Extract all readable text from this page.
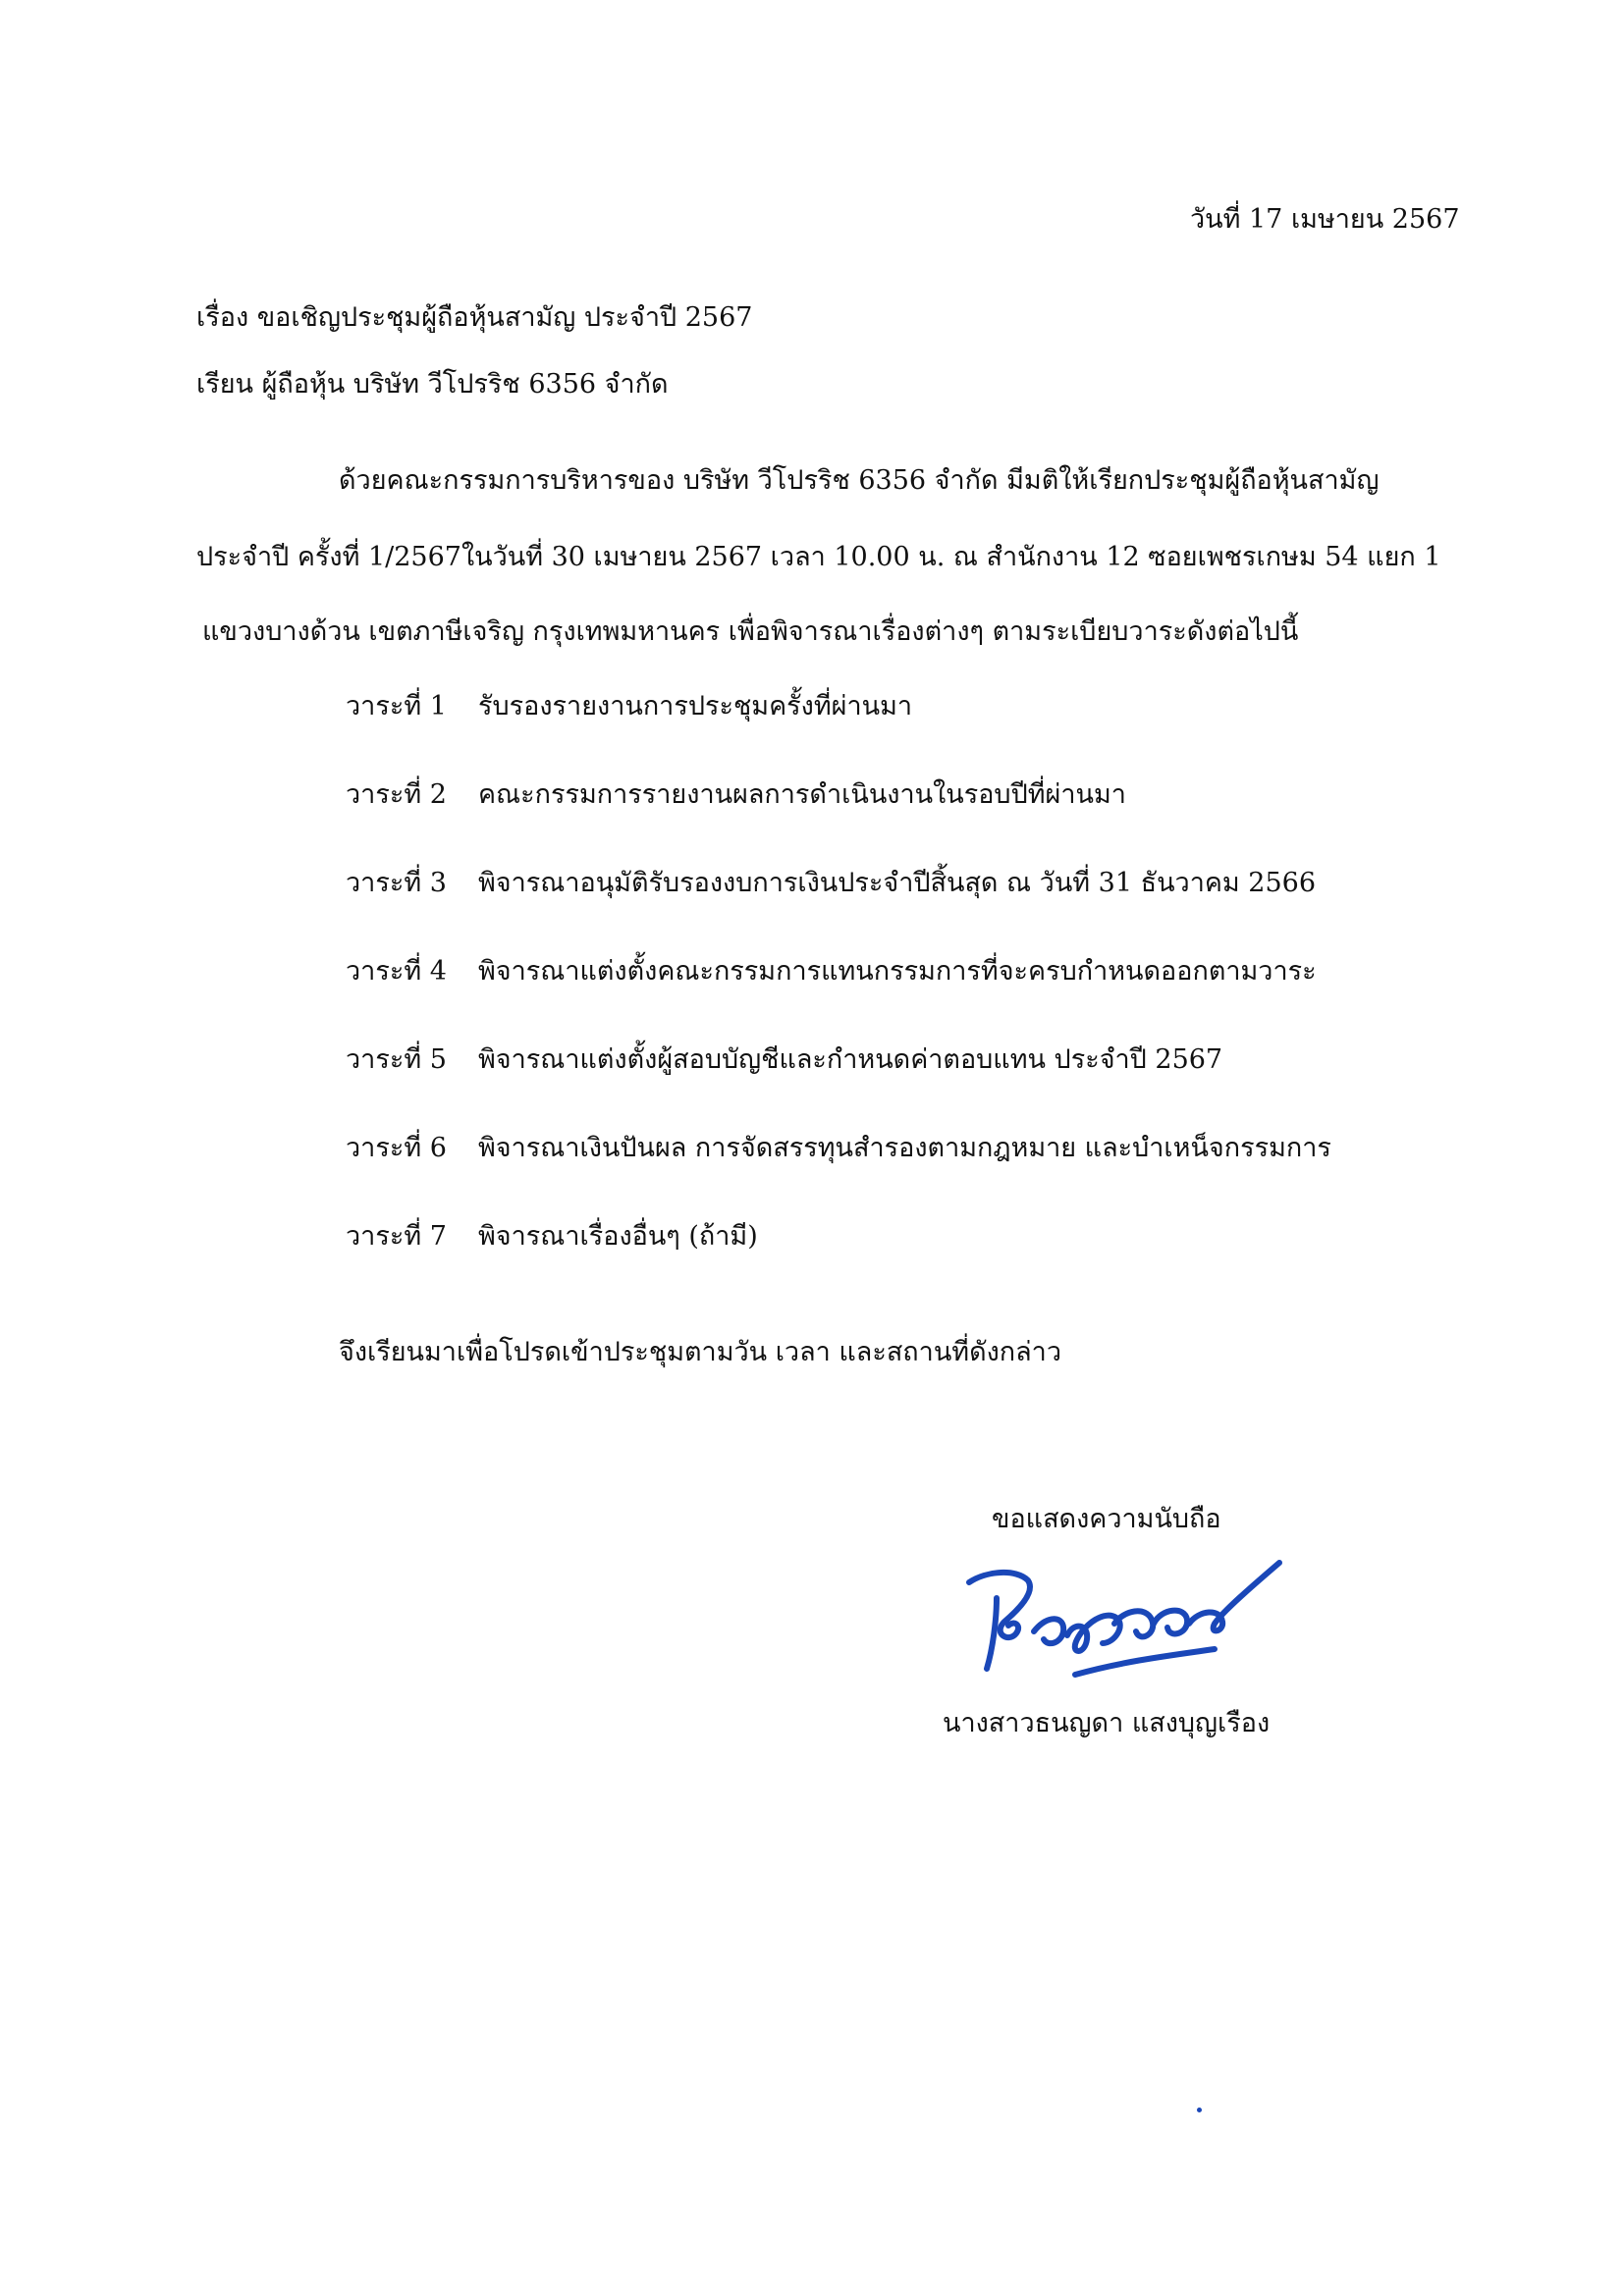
วันที่ 17 เมษายน 2567
เรื่อง ขอเชิญประชุมผู้ถือหุ้นสามัญ ประจำปี 2567
เรียน ผู้ถือหุ้น บริษัท วีโปรริช 6356 จำกัด
ด้วยคณะกรรมการบริหารของ บริษัท วีโปรริช 6356 จำกัด มีมติให้เรียกประชุมผู้ถือหุ้นสามัญ
ประจำปี ครั้งที่ 1/2567ในวันที่ 30 เมษายน 2567 เวลา 10.00 น. ณ สำนักงาน 12 ซอยเพชรเกษม 54 แยก 1
แขวงบางด้วน เขตภาษีเจริญ กรุงเทพมหานคร เพื่อพิจารณาเรื่องต่างๆ ตามระเบียบวาระดังต่อไปนี้
วาระที่ 1	รับรองรายงานการประชุมครั้งที่ผ่านมา
วาระที่ 2	คณะกรรมการรายงานผลการดำเนินงานในรอบปีที่ผ่านมา
วาระที่ 3	พิจารณาอนุมัติรับรองงบการเงินประจำปีสิ้นสุด ณ วันที่ 31 ธันวาคม 2566
วาระที่ 4	พิจารณาแต่งตั้งคณะกรรมการแทนกรรมการที่จะครบกำหนดออกตามวาระ
วาระที่ 5	พิจารณาแต่งตั้งผู้สอบบัญชีและกำหนดค่าตอบแทน ประจำปี 2567
วาระที่ 6	พิจารณาเงินปันผล การจัดสรรทุนสำรองตามกฎหมาย และบำเหน็จกรรมการ
วาระที่ 7	พิจารณาเรื่องอื่นๆ (ถ้ามี)
จึงเรียนมาเพื่อโปรดเข้าประชุมตามวัน เวลา และสถานที่ดังกล่าว
ขอแสดงความนับถือ
นางสาวธนญดา แสงบุญเรือง
